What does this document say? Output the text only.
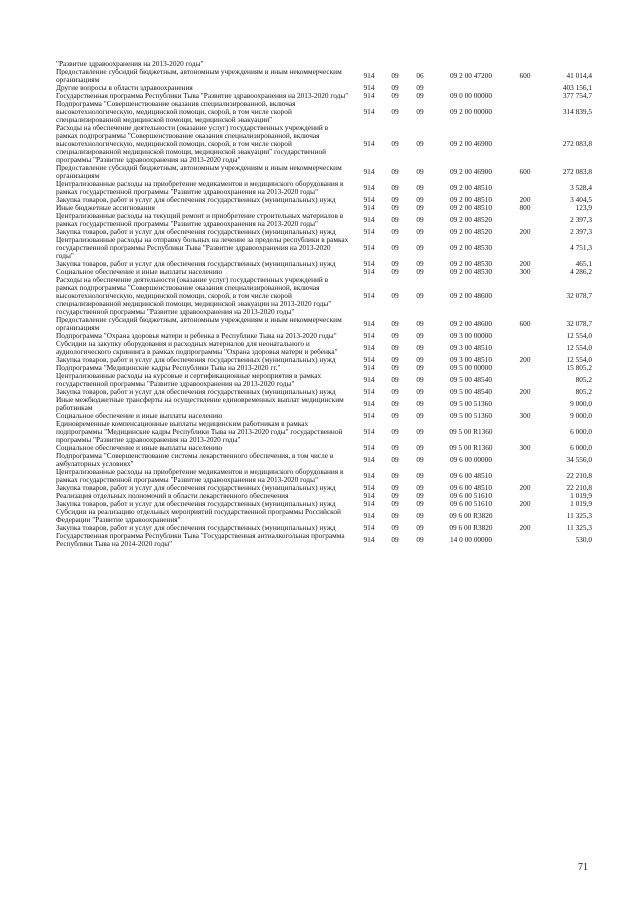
"Развитие здравоохранения на 2013-2020 годы"						
Предоставление субсидий бюджетным, автономным учреждениям и иным некоммерческим организациям	914	09	06	09 2 00 47200	600	41 014,4
Другие вопросы в области здравоохранения	914	09	09			403 156,1
Государственная программа Республики Тыва "Развитие здравоохранения на 2013-2020 годы"	914	09	09	09 0 00 00000		377 754,7
Подпрограмма "Совершенствование оказания специализированной, включая высокотехнологическую, медицинской помощи, скорой, в том числе скорой специализированной медицинской помощи, медицинской эвакуации"	914	09	09	09 2 00 00000		314 839,5
Расходы на обеспечение деятельности (оказание услуг) государственных учреждений в рамках подпрограммы "Совершенствование оказания специализированной, включая высокотехнологическую, медицинской помощи, скорой, в том числе скорой специализированной медицинской помощи, медицинской эвакуации" государственной программы "Развитие здравоохранения на 2013-2020 годы"	914	09	09	09 2 00 46900		272 083,8
Предоставление субсидий бюджетным, автономным учреждениям и иным некоммерческим организациям	914	09	09	09 2 00 46900	600	272 083,8
Централизованные расходы на приобретение медикаментов и медицинского оборудования в рамках государственной программы "Развитие здравоохранения на 2013-2020 годы"	914	09	09	09 2 00 48510		3 528,4
Закупка товаров, работ и услуг для обеспечения государственных (муниципальных) нужд	914	09	09	09 2 00 48510	200	3 404,5
Иные бюджетные ассигнования	914	09	09	09 2 00 48510	800	123,9
Централизованные расходы на текущий ремонт и приобретение строительных материалов в рамках государственной программы "Развитие здравоохранения на 2013-2020 годы"	914	09	09	09 2 00 48520		2 397,3
Закупка товаров, работ и услуг для обеспечения государственных (муниципальных) нужд	914	09	09	09 2 00 48520	200	2 397,3
Централизованные расходы на отправку больных на лечение за пределы республики в рамках государственной программы Республики Тыва "Развитие здравоохранения на 2013-2020 годы"	914	09	09	09 2 00 48530		4 751,3
Закупка товаров, работ и услуг для обеспечения государственных (муниципальных) нужд	914	09	09	09 2 00 48530	200	465,1
Социальное обеспечение и иные выплаты населению	914	09	09	09 2 00 48530	300	4 286,2
Расходы на обеспечение деятельности (оказание услуг) государственных учреждений в рамках подпрограммы "Совершенствование оказания специализированной, включая высокотехнологическую, медицинской помощи, скорой, в том числе скорой специализированной медицинской помощи, медицинской эвакуации на 2013-2020 годы" государственной программы "Развитие здравоохранения на 2013-2020 годы"	914	09	09	09 2 00 48600		32 078,7
Предоставление субсидий бюджетным, автономным учреждениям и иным некоммерческим организациям	914	09	09	09 2 00 48600	600	32 078,7
Подпрограмма "Охрана здоровья матери и ребенка в Республике Тыва на 2013-2020 годы"	914	09	09	09 3 00 00000		12 554,0
Субсидии на закупку оборудования и расходных материалов для неонатального и аудиологического скрининга в рамках подпрограммы "Охрана здоровья матери и ребенка"	914	09	09	09 3 00 48510		12 554,0
Закупка товаров, работ и услуг для обеспечения государственных (муниципальных) нужд	914	09	09	09 3 00 48510	200	12 554,0
Подпрограмма "Медицинские кадры Республики Тыва на 2013-2020 гг."	914	09	09	09 5 00 00000		15 805,2
Централизованные расходы на курсовые и сертификационные мероприятия в рамках государственной программы "Развитие здравоохранения на 2013-2020 годы"	914	09	09	09 5 00 48540		805,2
Закупка товаров, работ и услуг для обеспечения государственных (муниципальных) нужд	914	09	09	09 5 00 48540	200	805,2
Иные межбюджетные трансферты на осуществление единовременных выплат медицинским работникам	914	09	09	09 5 00 51360		9 000,0
Социальное обеспечение и иные выплаты населению	914	09	09	09 5 00 51360	300	9 000,0
Единовременные компенсационные выплаты медицинским работникам в рамках подпрограммы "Медицинские кадры Республики Тыва на 2013-2020 годы" государственной программы "Развитие здравоохранения на 2013-2020 годы"	914	09	09	09 5 00 R1360		6 000,0
Социальное обеспечение и иные выплаты населению	914	09	09	09 5 00 R1360	300	6 000,0
Подпрограмма "Совершенствование системы лекарственного обеспечения, в том числе в амбулаторных условиях"	914	09	09	09 6 00 00000		34 556,0
Централизованные расходы на приобретение медикаментов и медицинского оборудования в рамках государственной программы "Развитие здравоохранения на 2013-2020 годы"	914	09	09	09 6 00 48510		22 210,8
Закупка товаров, работ и услуг для обеспечения государственных (муниципальных) нужд	914	09	09	09 6 00 48510	200	22 210,8
Реализация отдельных полномочий в области лекарственного обеспечения	914	09	09	09 6 00 51610		1 019,9
Закупка товаров, работ и услуг для обеспечения государственных (муниципальных) нужд	914	09	09	09 6 00 51610	200	1 019,9
Субсидии на реализацию отдельных мероприятий государственной программы Российской Федерации "Развитие здравоохранения"	914	09	09	09 6 00 R3820		11 325,3
Закупка товаров, работ и услуг для обеспечения государственных (муниципальных) нужд	914	09	09	09 6 00 R3820	200	11 325,3
Государственная программа Республики Тыва "Государственная антиалкогольная программа Республики Тыва на 2014-2020 годы"	914	09	09	14 0 00 00000		530,0
71
